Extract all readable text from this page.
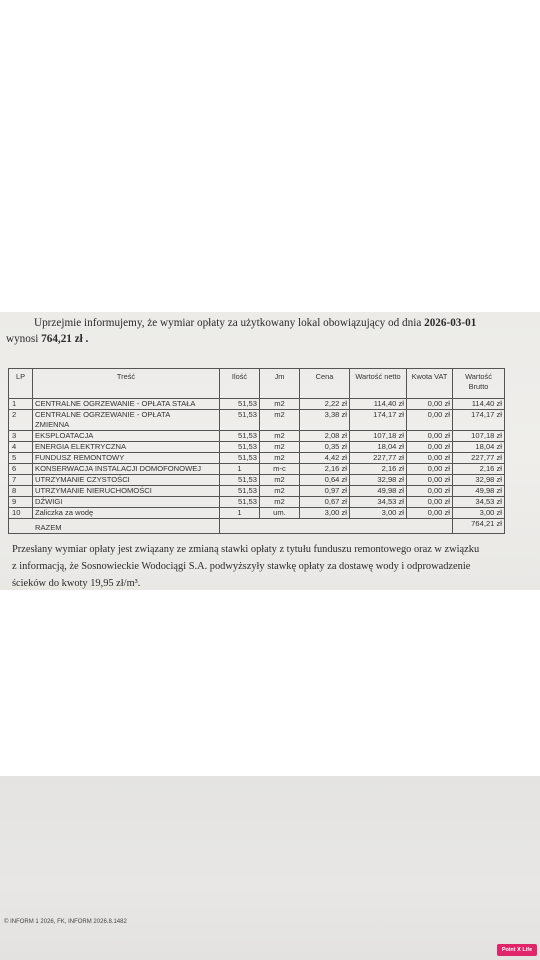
Uprzejmie informujemy, że wymiar opłaty za użytkowany lokal obowiązujący od dnia 2026-03-01
wynosi 764,21 zł .
LP	Treść	Ilość	Jm	Cena	Wartość netto	Kwota VAT	Wartość Brutto
1	CENTRALNE OGRZEWANIE - OPŁATA STAŁA	51,53	m2	2,22 zł	114,40 zł	0,00 zł	114,40 zł
2	CENTRALNE OGRZEWANIE - OPŁATA
ZMIENNA	51,53	m2	3,38 zł	174,17 zł	0,00 zł	174,17 zł
3	EKSPLOATACJA	51,53	m2	2,08 zł	107,18 zł	0,00 zł	107,18 zł
4	ENERGIA ELEKTRYCZNA	51,53	m2	0,35 zł	18,04 zł	0,00 zł	18,04 zł
5	FUNDUSZ REMONTOWY	51,53	m2	4,42 zł	227,77 zł	0,00 zł	227,77 zł
6	KONSERWACJA INSTALACJI DOMOFONOWEJ	1	m-c	2,16 zł	2,16 zł	0,00 zł	2,16 zł
7	UTRZYMANIE CZYSTOŚCI	51,53	m2	0,64 zł	32,98 zł	0,00 zł	32,98 zł
8	UTRZYMANIE NIERUCHOMOŚCI	51,53	m2	0,97 zł	49,98 zł	0,00 zł	49,98 zł
9	DŹWIGI	51,53	m2	0,67 zł	34,53 zł	0,00 zł	34,53 zł
10	Zaliczka za wodę	1	um.	3,00 zł	3,00 zł	0,00 zł	3,00 zł
RAZEM							764,21 zł
Przesłany wymiar opłaty jest związany ze zmianą stawki opłaty z tytułu funduszu remontowego oraz w związku
z informacją, że Sosnowieckie Wodociągi S.A. podwyższyły stawkę opłaty za dostawę wody i odprowadzenie
ścieków do kwoty 19,95 zł/m³.
© INFORM 1 2026, FK, INFORM 2026.8.1482
Point X Life
